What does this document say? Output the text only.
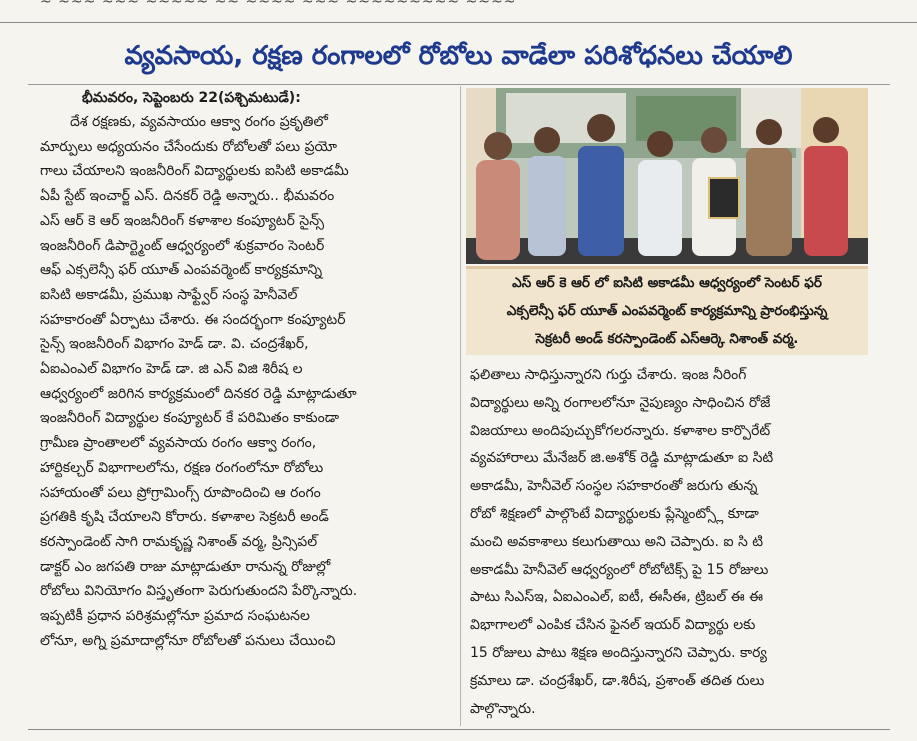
~ ~~~ ~~~ ~~~~~ ~~ ~~~~ ~~~ ~~~~~~~~~ ~~~~
వ్యవసాయ, రక్షణ రంగాలలో రోబోలు వాడేలా పరిశోధనలు చేయాలి
భీమవరం, సెప్టెంబరు 22(పశ్చిమటుడే):
దేశ రక్షణకు, వ్యవసాయం ఆక్వా రంగం ప్రకృతిలో
మార్పులు అధ్యయనం చేసేందుకు రోబోలతో పలు ప్రయో
గాలు చేయాలని ఇంజనీరింగ్ విద్యార్థులకు ఐసిటి అకాడమీ
ఏపీ స్టేట్ ఇంచార్జ్ ఎస్. దినకర్ రెడ్డి అన్నారు.. భీమవరం
ఎస్ ఆర్ కె ఆర్ ఇంజనీరింగ్ కళాశాల కంప్యూటర్ సైన్స్
ఇంజనీరింగ్ డిపార్ట్మెంట్ ఆధ్వర్యంలో శుక్రవారం సెంటర్
ఆఫ్ ఎక్సలెన్సీ ఫర్ యూత్ ఎంపవర్మెంట్ కార్యక్రమాన్ని
ఐసిటి అకాడమీ, ప్రముఖ సాఫ్ట్వేర్ సంస్థ హెనీవెల్
సహకారంతో ఏర్పాటు చేశారు. ఈ సందర్భంగా కంప్యూటర్
సైన్స్ ఇంజనీరింగ్ విభాగం హెడ్ డా. వి. చంద్రశేఖర్,
ఏఐఎంఎల్ విభాగం హెడ్ డా. జి ఎన్ విజి శిరీష ల
ఆధ్వర్యంలో జరిగిన కార్యక్రమంలో దినకర రెడ్డి మాట్లాడుతూ
ఇంజనీరింగ్ విద్యార్థుల కంప్యూటర్ కే పరిమితం కాకుండా
గ్రామీణ ప్రాంతాలలో వ్యవసాయ రంగం ఆక్వా రంగం,
హార్టికల్చర్ విభాగాలలోను, రక్షణ రంగంలోనూ రోబోలు
సహాయంతో పలు ప్రోగ్రామింగ్స్ రూపొందించి ఆ రంగం
ప్రగతికి కృషి చేయాలని కోరారు. కళాశాల సెక్రటరీ అండ్
కరస్పాండెంట్ సాగి రామకృష్ణ నిశాంత్ వర్మ, ప్రిన్సిపల్
డాక్టర్ ఎం జగపతి రాజు మాట్లాడుతూ రానున్న రోజుల్లో
రోబోలు వినియోగం విస్తృతంగా పెరుగుతుందని పేర్కొన్నారు.
ఇప్పటికీ ప్రధాన పరిశ్రమల్లోనూ ప్రమాద సంఘటనల
లోనూ, అగ్ని ప్రమాదాల్లోనూ రోబోలతో పనులు చేయించి
ఎస్ ఆర్ కె ఆర్ లో ఐసిటి అకాడమీ ఆధ్వర్యంలో సెంటర్ ఫర్
ఎక్సలెన్సీ ఫర్ యూత్ ఎంపవర్మెంట్ కార్యక్రమాన్ని ప్రారంభిస్తున్న
సెక్రటరీ అండ్ కరస్పాండెంట్ ఎస్ఆర్కె నిశాంత్ వర్మ.
ఫలితాలు సాధిస్తున్నారని గుర్తు చేశారు. ఇంజ నీరింగ్
విద్యార్థులు అన్ని రంగాలలోనూ నైపుణ్యం సాధించిన రోజే
విజయాలు అందిపుచ్చుకోగలరన్నారు. కళాశాల కార్పొరేట్
వ్యవహారాలు మేనేజర్ జి.అశోక్ రెడ్డి మాట్లాడుతూ ఐ సిటి
అకాడమీ, హెనీవెల్ సంస్థల సహకారంతో జరుగు తున్న
రోబో శిక్షణలో పాల్గొంటే విద్యార్థులకు ప్లేస్మెంట్స్లో కూడా
మంచి అవకాశాలు కలుగుతాయి అని చెప్పారు. ఐ సి టి
అకాడమీ హెనీవెల్ ఆధ్వర్యంలో రోబోటిక్స్ పై 15 రోజులు
పాటు సిఎస్ఇ, ఏఐఎంఎల్, ఐటీ, ఈసీఈ, ట్రిబల్ ఈ ఈ
విభాగాలలో ఎంపిక చేసిన ఫైనల్ ఇయర్ విద్యార్థు లకు
15 రోజులు పాటు శిక్షణ అందిస్తున్నారని చెప్పారు. కార్య
క్రమాలు డా. చంద్రశేఖర్, డా.శిరీష, ప్రశాంత్ తదిత రులు
పాల్గొన్నారు.
